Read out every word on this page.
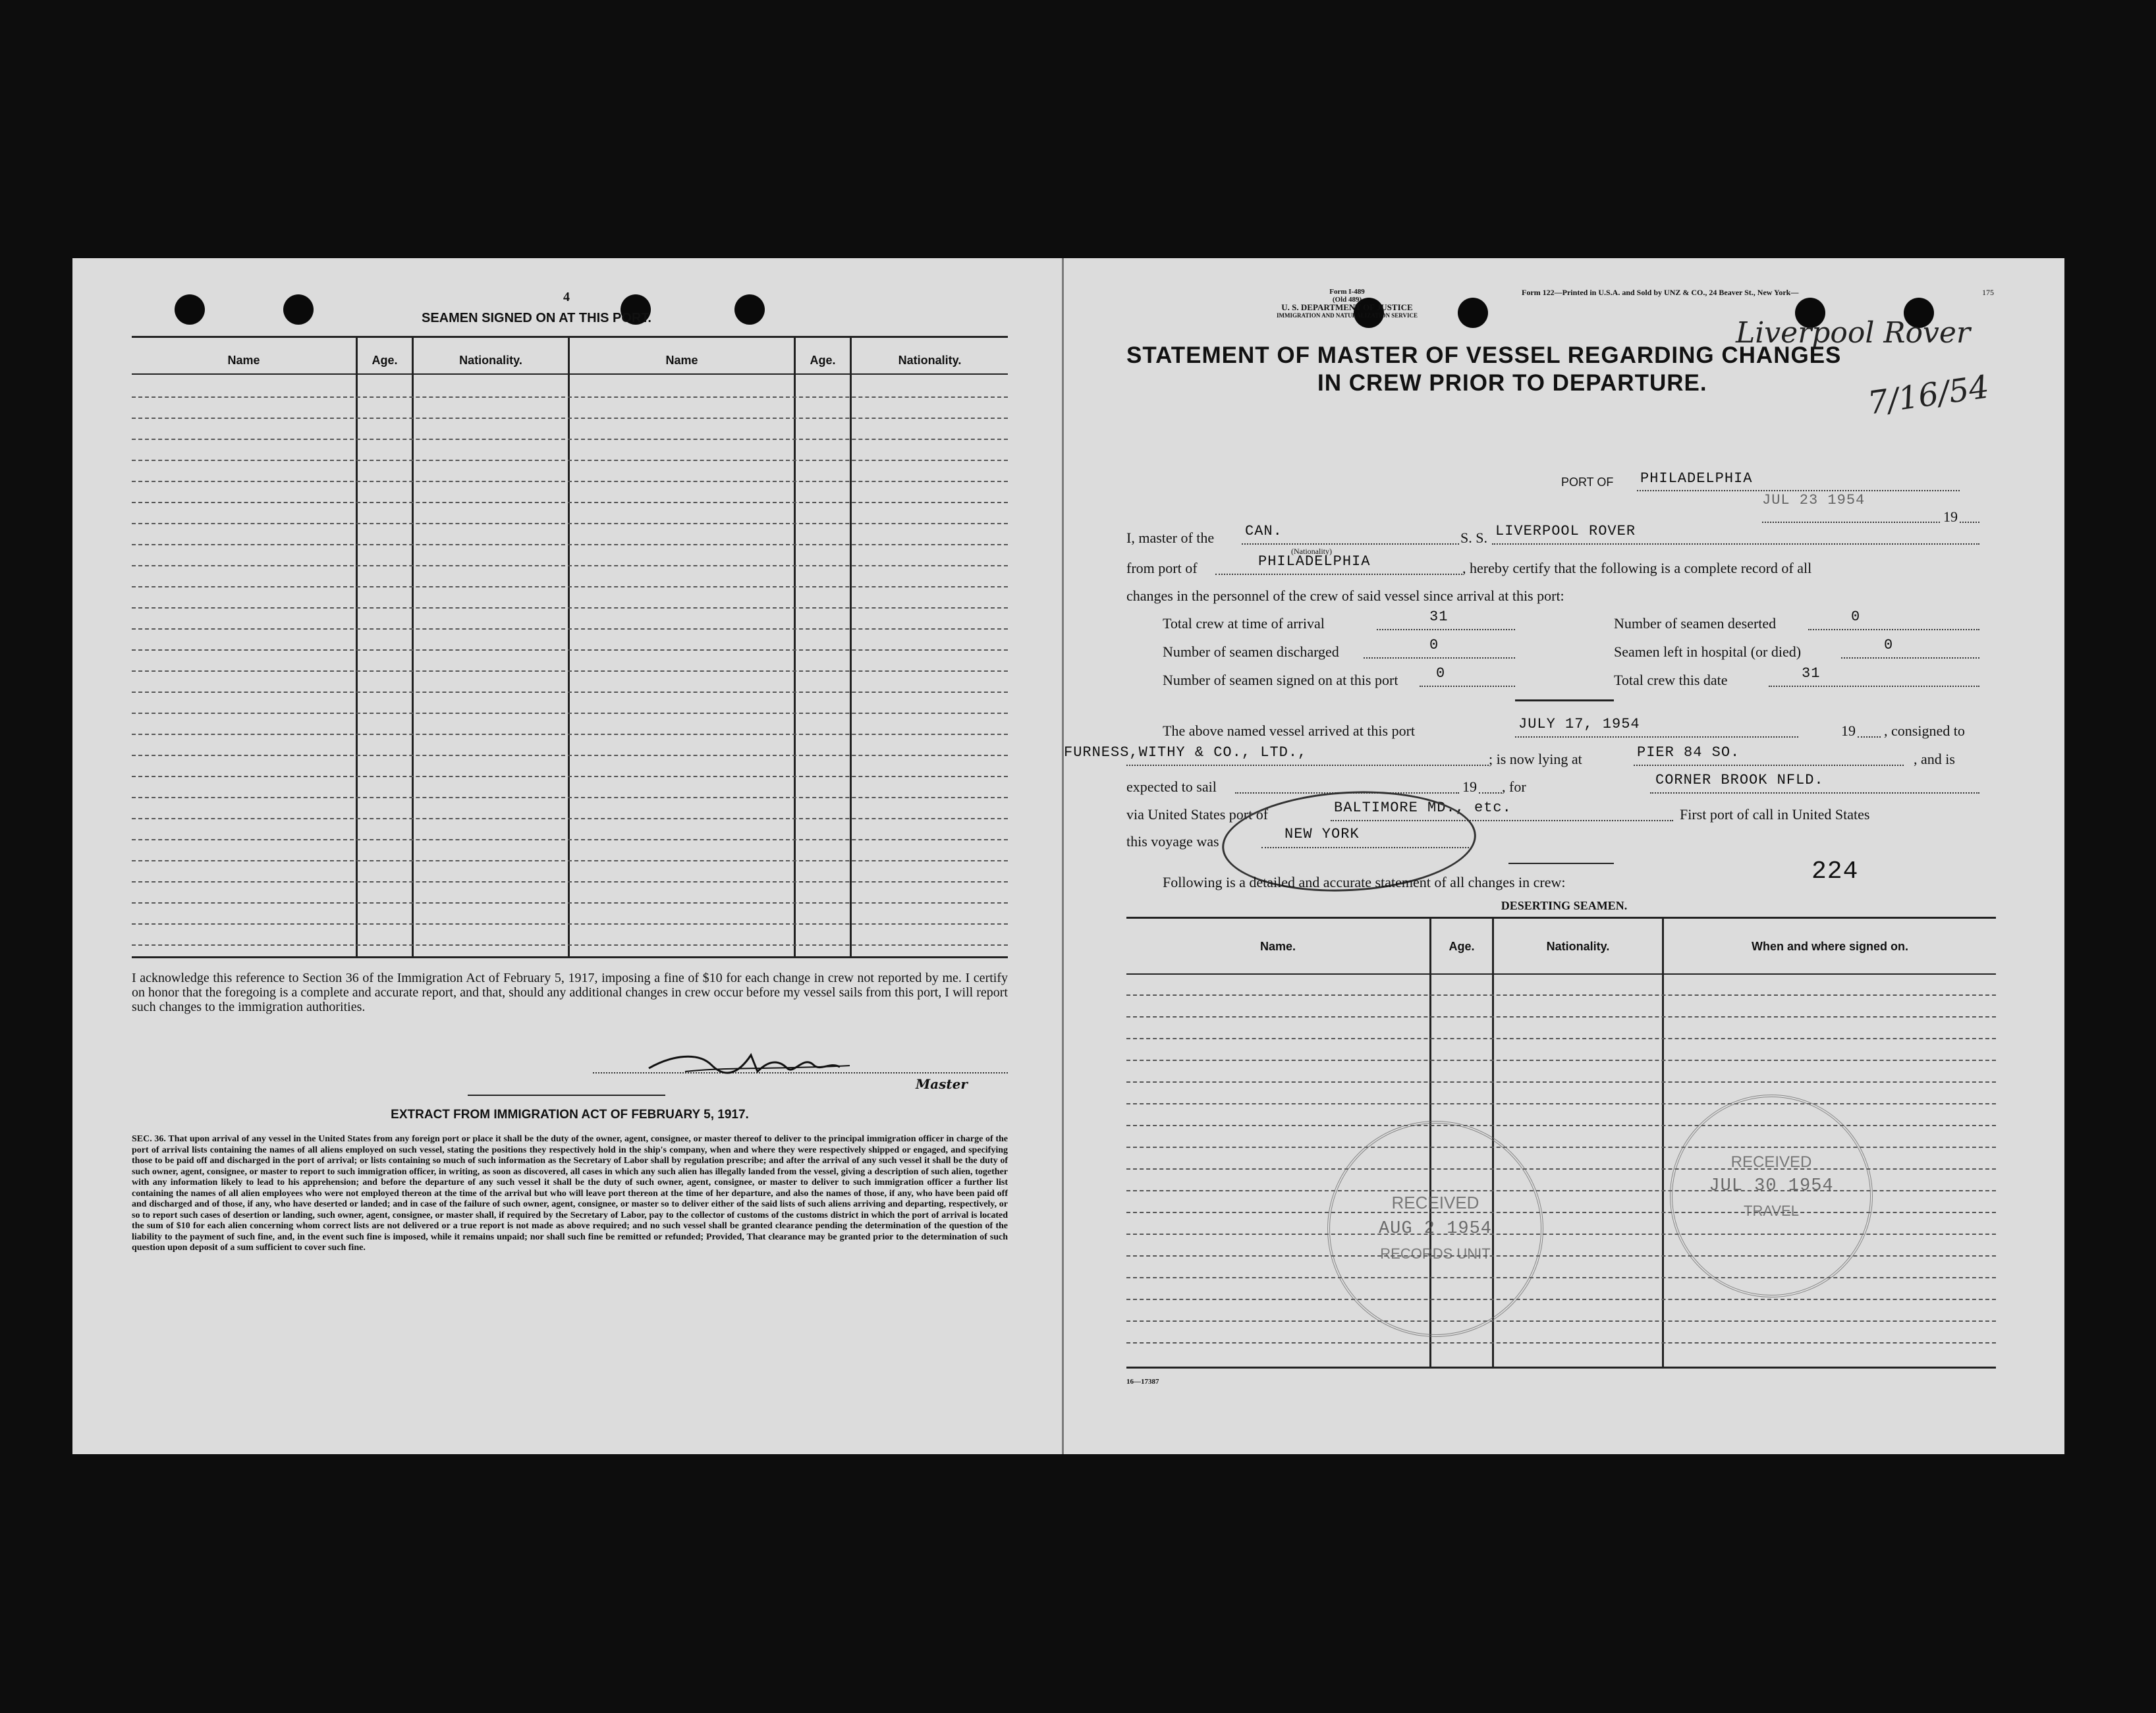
4
SEAMEN SIGNED ON AT THIS PORT.
Name	Age.	Nationality.	Name	Age.	Nationality.
I acknowledge this reference to Section 36 of the Immigration Act of February 5, 1917, imposing a fine of $10 for each change in crew not reported by me. I certify on honor that the foregoing is a complete and accurate report, and that, should any additional changes in crew occur before my vessel sails from this port, I will report such changes to the immigration authorities.
Master
EXTRACT FROM IMMIGRATION ACT OF FEBRUARY 5, 1917.
SEC. 36. That upon arrival of any vessel in the United States from any foreign port or place it shall be the duty of the owner, agent, consignee, or master thereof to deliver to the principal immigration officer in charge of the port of arrival lists containing the names of all aliens employed on such vessel, stating the positions they respectively hold in the ship's company, when and where they were respectively shipped or engaged, and specifying those to be paid off and discharged in the port of arrival; or lists containing so much of such information as the Secretary of Labor shall by regulation prescribe; and after the arrival of any such vessel it shall be the duty of such owner, agent, consignee, or master to report to such immigration officer, in writing, as soon as discovered, all cases in which any such alien has illegally landed from the vessel, giving a description of such alien, together with any information likely to lead to his apprehension; and before the departure of any such vessel it shall be the duty of such owner, agent, consignee, or master to deliver to such immigration officer a further list containing the names of all alien employees who were not employed thereon at the time of the arrival but who will leave port thereon at the time of her departure, and also the names of those, if any, who have been paid off and discharged and of those, if any, who have deserted or landed; and in case of the failure of such owner, agent, consignee, or master so to deliver either of the said lists of such aliens arriving and departing, respectively, or so to report such cases of desertion or landing, such owner, agent, consignee, or master shall, if required by the Secretary of Labor, pay to the collector of customs of the customs district in which the port of arrival is located the sum of $10 for each alien concerning whom correct lists are not delivered or a true report is not made as above required; and no such vessel shall be granted clearance pending the determination of the question of the liability to the payment of such fine, and, in the event such fine is imposed, while it remains unpaid; nor shall such fine be remitted or refunded; Provided, That clearance may be granted prior to the determination of such question upon deposit of a sum sufficient to cover such fine.
Form I-489
(Old 489)
U. S. DEPARTMENT OF JUSTICE
IMMIGRATION AND NATURALIZATION SERVICE
Form 122—Printed in U.S.A. and Sold by UNZ & CO., 24 Beaver St., New York—	175
Liverpool Rover
7/16/54
STATEMENT OF MASTER OF VESSEL REGARDING CHANGES
IN CREW PRIOR TO DEPARTURE.
PORT OF PHILADELPHIA
JUL 23 1954
19
I, master of the CAN.
(Nationality)
S. S. LIVERPOOL ROVER
from port of	PHILADELPHIA	, hereby certify that the following is a complete record of all
changes in the personnel of the crew of said vessel since arrival at this port:
Total crew at time of arrival	31	Number of seamen deserted	0
Number of seamen discharged	0	Seamen left in hospital (or died)	0
Number of seamen signed on at this port	0	Total crew this date	31
The above named vessel arrived at this port	JULY 17, 1954	19 , consigned to
FURNESS,WITHY & CO., LTD.,	; is now lying at	PIER 84 SO.	, and is
expected to sail	19 , for	CORNER BROOK NFLD.
via United States port of	BALTIMORE MD., etc.	First port of call in United States
this voyage was	NEW YORK
Following is a detailed and accurate statement of all changes in crew:	224
DESERTING SEAMEN.
Name.	Age.	Nationality.	When and where signed on.
RECEIVED
AUG 2 1954
RECORDS UNIT
RECEIVED
JUL 30 1954
TRAVEL
16—17387
